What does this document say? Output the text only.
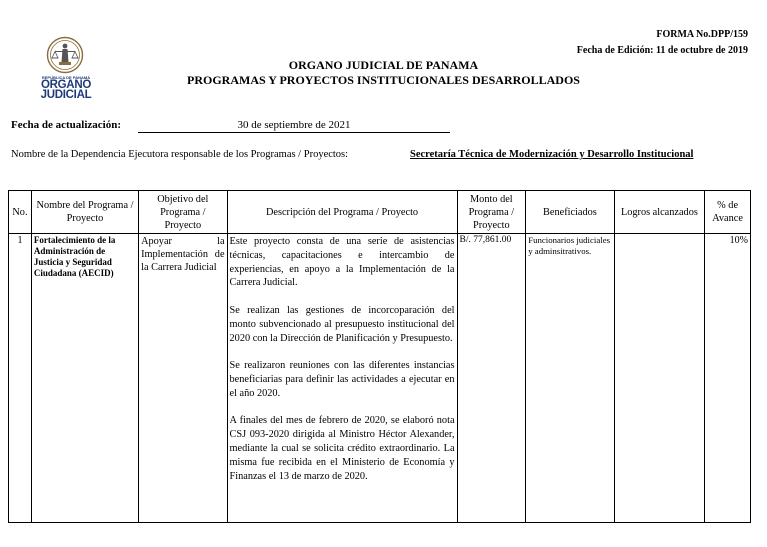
REPÚBLICA DE PANAMÁ
ORGANO
JUDICIAL
FORMA No.DPP/159
Fecha de Edición: 11 de octubre de 2019
ORGANO JUDICIAL DE PANAMA
PROGRAMAS Y PROYECTOS INSTITUCIONALES DESARROLLADOS
Fecha de actualización:	30 de septiembre de 2021
Nombre de la Dependencia Ejecutora responsable de los Programas / Proyectos:	Secretaría Técnica de Modernización y Desarrollo Institucional
No.	Nombre del Programa / Proyecto	Objetivo del Programa / Proyecto	Descripción del Programa / Proyecto	Monto del Programa / Proyecto	Beneficiados	Logros alcanzados	% de Avance
1	Fortalecimiento de la Administración de Justicia y Seguridad Ciudadana (AECID)	Apoyar la Implementación de la Carrera Judicial	Este proyecto consta de una serie de asistencias técnicas, capacitaciones e intercambio de experiencias, en apoyo a la Implementación de la Carrera Judicial.

Se realizan las gestiones de incorcoparación del monto subvencionado al presupuesto institucional del 2020 con la Dirección de Planificación y Presupuesto.

Se realizaron reuniones con las diferentes instancias beneficiarias para definir las actividades a ejecutar en el año 2020.

A finales del mes de febrero de 2020, se elaboró nota CSJ 093-2020 dirigida al Ministro Héctor Alexander, mediante la cual se solicita crédito extraordinario. La misma fue recibida en el Ministerio de Economía y Finanzas el 13 de marzo de 2020.	B/. 77,861.00	Funcionarios judiciales y adminsitrativos.		10%
